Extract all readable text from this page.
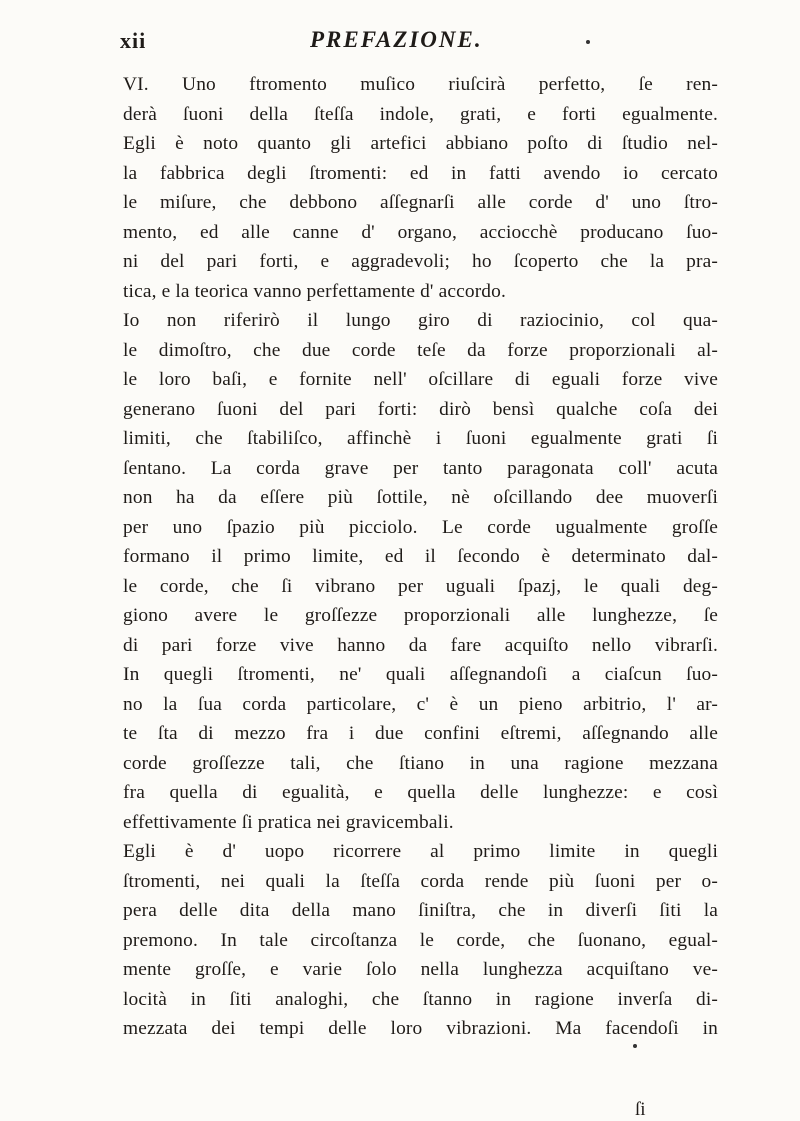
xii	PREFAZIONE.
VI. Uno ftromento muſico riuſcirà perfetto, ſe ren-
derà ſuoni della ſteſſa indole, grati, e forti egualmente.
Egli è noto quanto gli artefici abbiano poſto di ſtudio nel-
la fabbrica degli ſtromenti: ed in fatti avendo io cercato
le miſure, che debbono aſſegnarſi alle corde d' uno ſtro-
mento, ed alle canne d' organo, acciocchè producano ſuo-
ni del pari forti, e aggradevoli; ho ſcoperto che la pra-
tica, e la teorica vanno perfettamente d' accordo.
Io non riferirò il lungo giro di raziocinio, col qua-
le dimoſtro, che due corde teſe da forze proporzionali al-
le loro baſi, e fornite nell' oſcillare di eguali forze vive
generano ſuoni del pari forti: dirò bensì qualche coſa dei
limiti, che ſtabiliſco, affinchè i ſuoni egualmente grati ſi
ſentano. La corda grave per tanto paragonata coll' acuta
non ha da eſſere più ſottile, nè oſcillando dee muoverſi
per uno ſpazio più picciolo. Le corde ugualmente groſſe
formano il primo limite, ed il ſecondo è determinato dal-
le corde, che ſi vibrano per uguali ſpazj, le quali deg-
giono avere le groſſezze proporzionali alle lunghezze, ſe
di pari forze vive hanno da fare acquiſto nello vibrarſi.
In quegli ſtromenti, ne' quali aſſegnandoſi a ciaſcun ſuo-
no la ſua corda particolare, c' è un pieno arbitrio, l' ar-
te ſta di mezzo fra i due confini eſtremi, aſſegnando alle
corde groſſezze tali, che ſtiano in una ragione mezzana
fra quella di egualità, e quella delle lunghezze: e così
effettivamente ſi pratica nei gravicembali.
Egli è d' uopo ricorrere al primo limite in quegli
ſtromenti, nei quali la ſteſſa corda rende più ſuoni per o-
pera delle dita della mano ſiniſtra, che in diverſi ſiti la
premono. In tale circoſtanza le corde, che ſuonano, egual-
mente groſſe, e varie ſolo nella lunghezza acquiſtano ve-
locità in ſiti analoghi, che ſtanno in ragione inverſa di-
mezzata dei tempi delle loro vibrazioni. Ma facendoſi in
ſi
